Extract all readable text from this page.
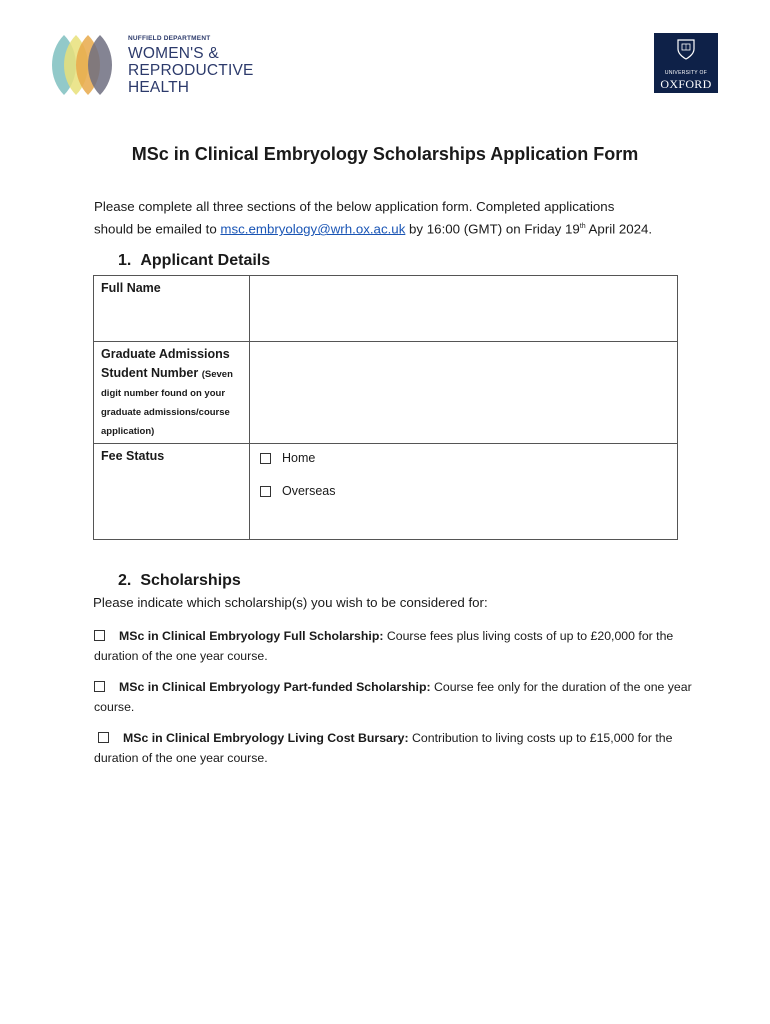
NUFFIELD DEPARTMENT
WOMEN'S &
REPRODUCTIVE
HEALTH
UNIVERSITY OF
OXFORD
MSc in Clinical Embryology Scholarships Application Form

Please complete all three sections of the below application form. Completed applications
should be emailed to msc.embryology@wrh.ox.ac.uk by 16:00 (GMT) on Friday 19th April 2024.

1. Applicant Details
Full Name	
Graduate Admissions Student Number (Seven digit number found on your graduate admissions/course application)	
Fee Status	Home
Overseas
2. Scholarships

Please indicate which scholarship(s) you wish to be considered for:

MSc in Clinical Embryology Full Scholarship: Course fees plus living costs of up to £20,000 for the duration of the one year course.

MSc in Clinical Embryology Part-funded Scholarship: Course fee only for the duration of the one year course.

MSc in Clinical Embryology Living Cost Bursary: Contribution to living costs up to £15,000 for the duration of the one year course.
